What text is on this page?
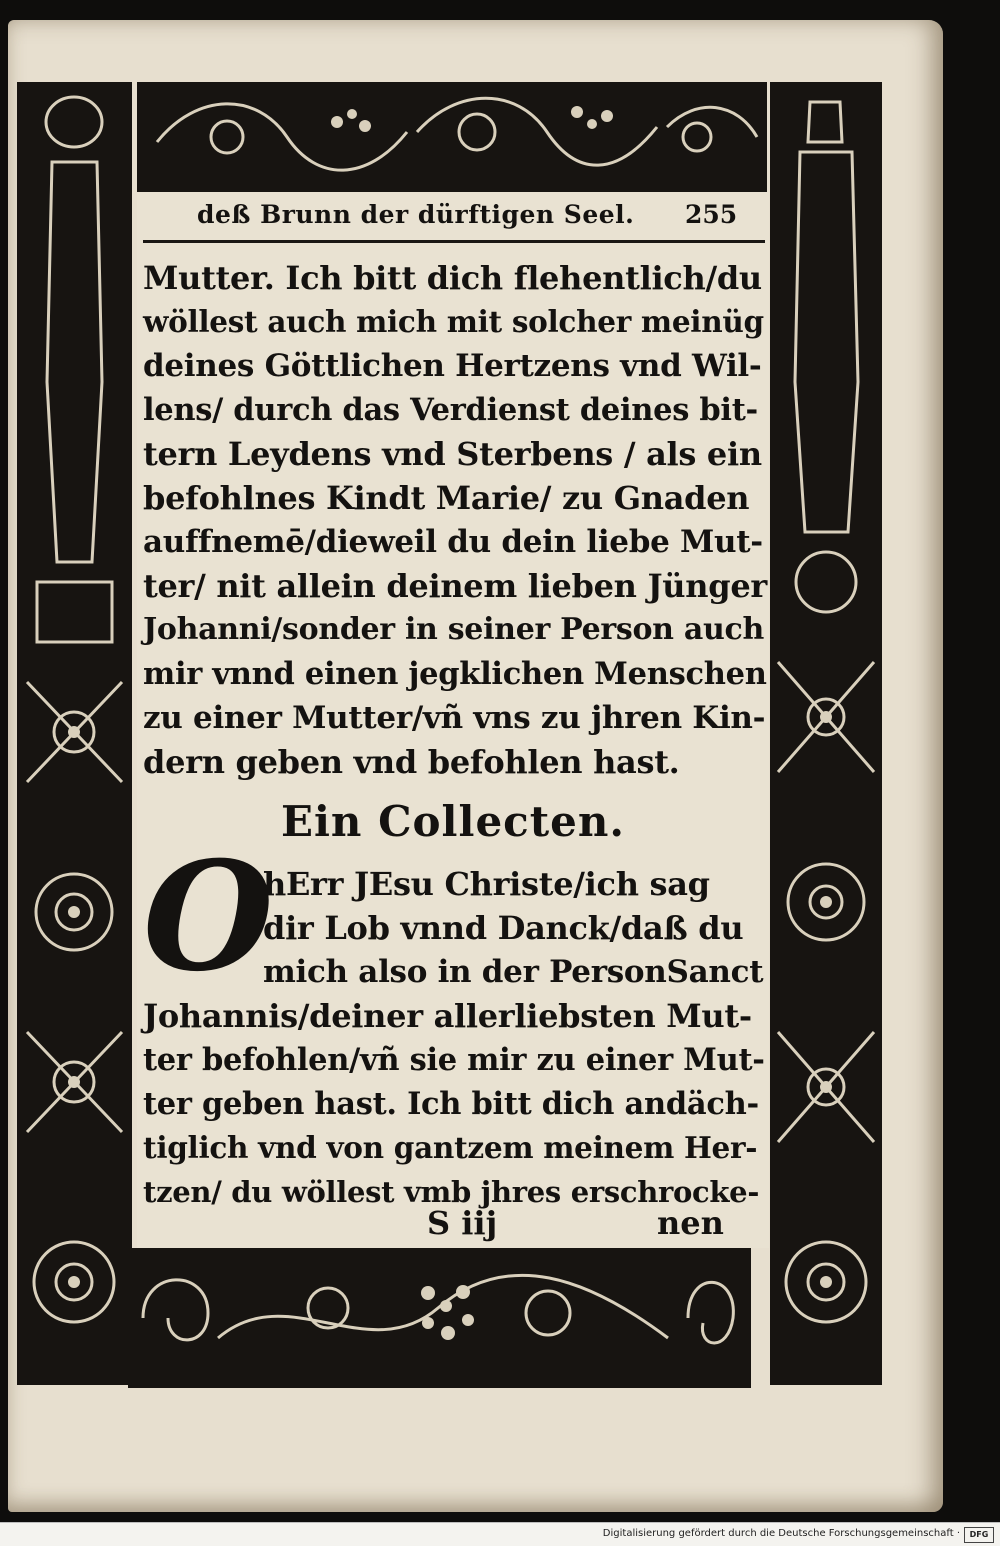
deß Brunn der dürftigen Seel.	255
Mutter. Ich bitt dich flehentlich/du
wöllest auch mich mit solcher meinüg
deines Göttlichen Hertzens vnd Wil-
lens/ durch das Verdienst deines bit-
tern Leydens vnd Sterbens / als ein
befohlnes Kindt Marie/ zu Gnaden
auffnemē/dieweil du dein liebe Mut-
ter/ nit allein deinem lieben Jünger
Johanni/sonder in seiner Person auch
mir vnnd einen jegklichen Menschen
zu einer Mutter/vñ vns zu jhren Kin-
dern geben vnd befohlen hast.
Ein Collecten.
O
hErr JEsu Christe/ich sag
dir Lob vnnd Danck/daß du
mich also in der PersonSanct
Johannis/deiner allerliebsten Mut-
ter befohlen/vñ sie mir zu einer Mut-
ter geben hast. Ich bitt dich andäch-
tiglich vnd von gantzem meinem Her-
tzen/ du wöllest vmb jhres erschrocke-
S iij	nen
Digitalisierung gefördert durch die Deutsche Forschungsgemeinschaft ·	DFG
